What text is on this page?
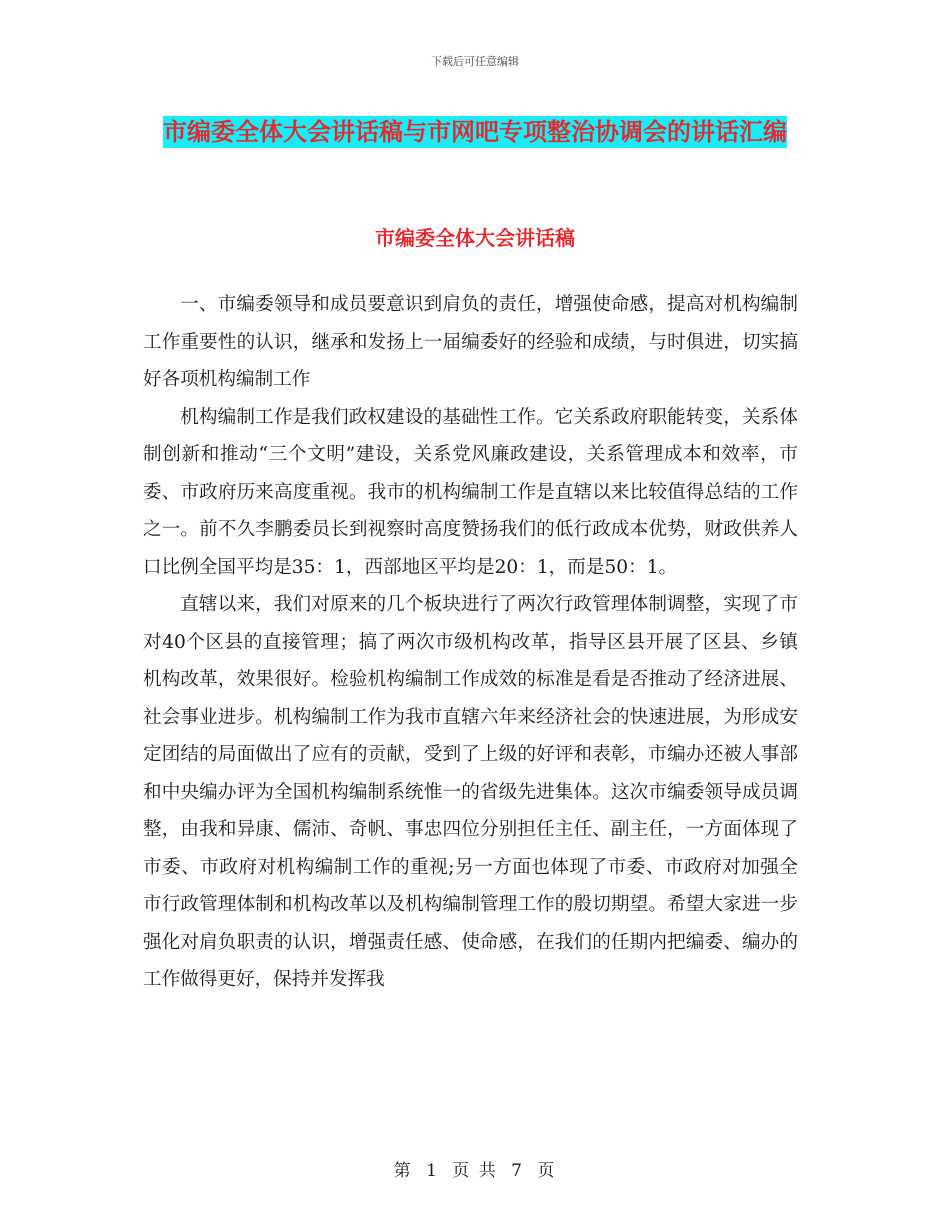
下载后可任意编辑
市编委全体大会讲话稿与市网吧专项整治协调会的讲话汇编
市编委全体大会讲话稿

一、市编委领导和成员要意识到肩负的责任，增强使命感，提高对机构编制工作重要性的认识，继承和发扬上一届编委好的经验和成绩，与时俱进，切实搞好各项机构编制工作

机构编制工作是我们政权建设的基础性工作。它关系政府职能转变，关系体制创新和推动“三个文明”建设，关系党风廉政建设，关系管理成本和效率，市委、市政府历来高度重视。我市的机构编制工作是直辖以来比较值得总结的工作之一。前不久李鹏委员长到视察时高度赞扬我们的低行政成本优势，财政供养人口比例全国平均是35：1，西部地区平均是20：1，而是50：1。

直辖以来，我们对原来的几个板块进行了两次行政管理体制调整，实现了市对40个区县的直接管理；搞了两次市级机构改革，指导区县开展了区县、乡镇机构改革，效果很好。检验机构编制工作成效的标准是看是否推动了经济进展、社会事业进步。机构编制工作为我市直辖六年来经济社会的快速进展，为形成安定团结的局面做出了应有的贡献，受到了上级的好评和表彰，市编办还被人事部和中央编办评为全国机构编制系统惟一的省级先进集体。这次市编委领导成员调整，由我和异康、儒沛、奇帆、事忠四位分别担任主任、副主任，一方面体现了市委、市政府对机构编制工作的重视;另一方面也体现了市委、市政府对加强全市行政管理体制和机构改革以及机构编制管理工作的殷切期望。希望大家进一步强化对肩负职责的认识，增强责任感、使命感，在我们的任期内把编委、编办的工作做得更好，保持并发挥我

第 1 页 共 7 页
